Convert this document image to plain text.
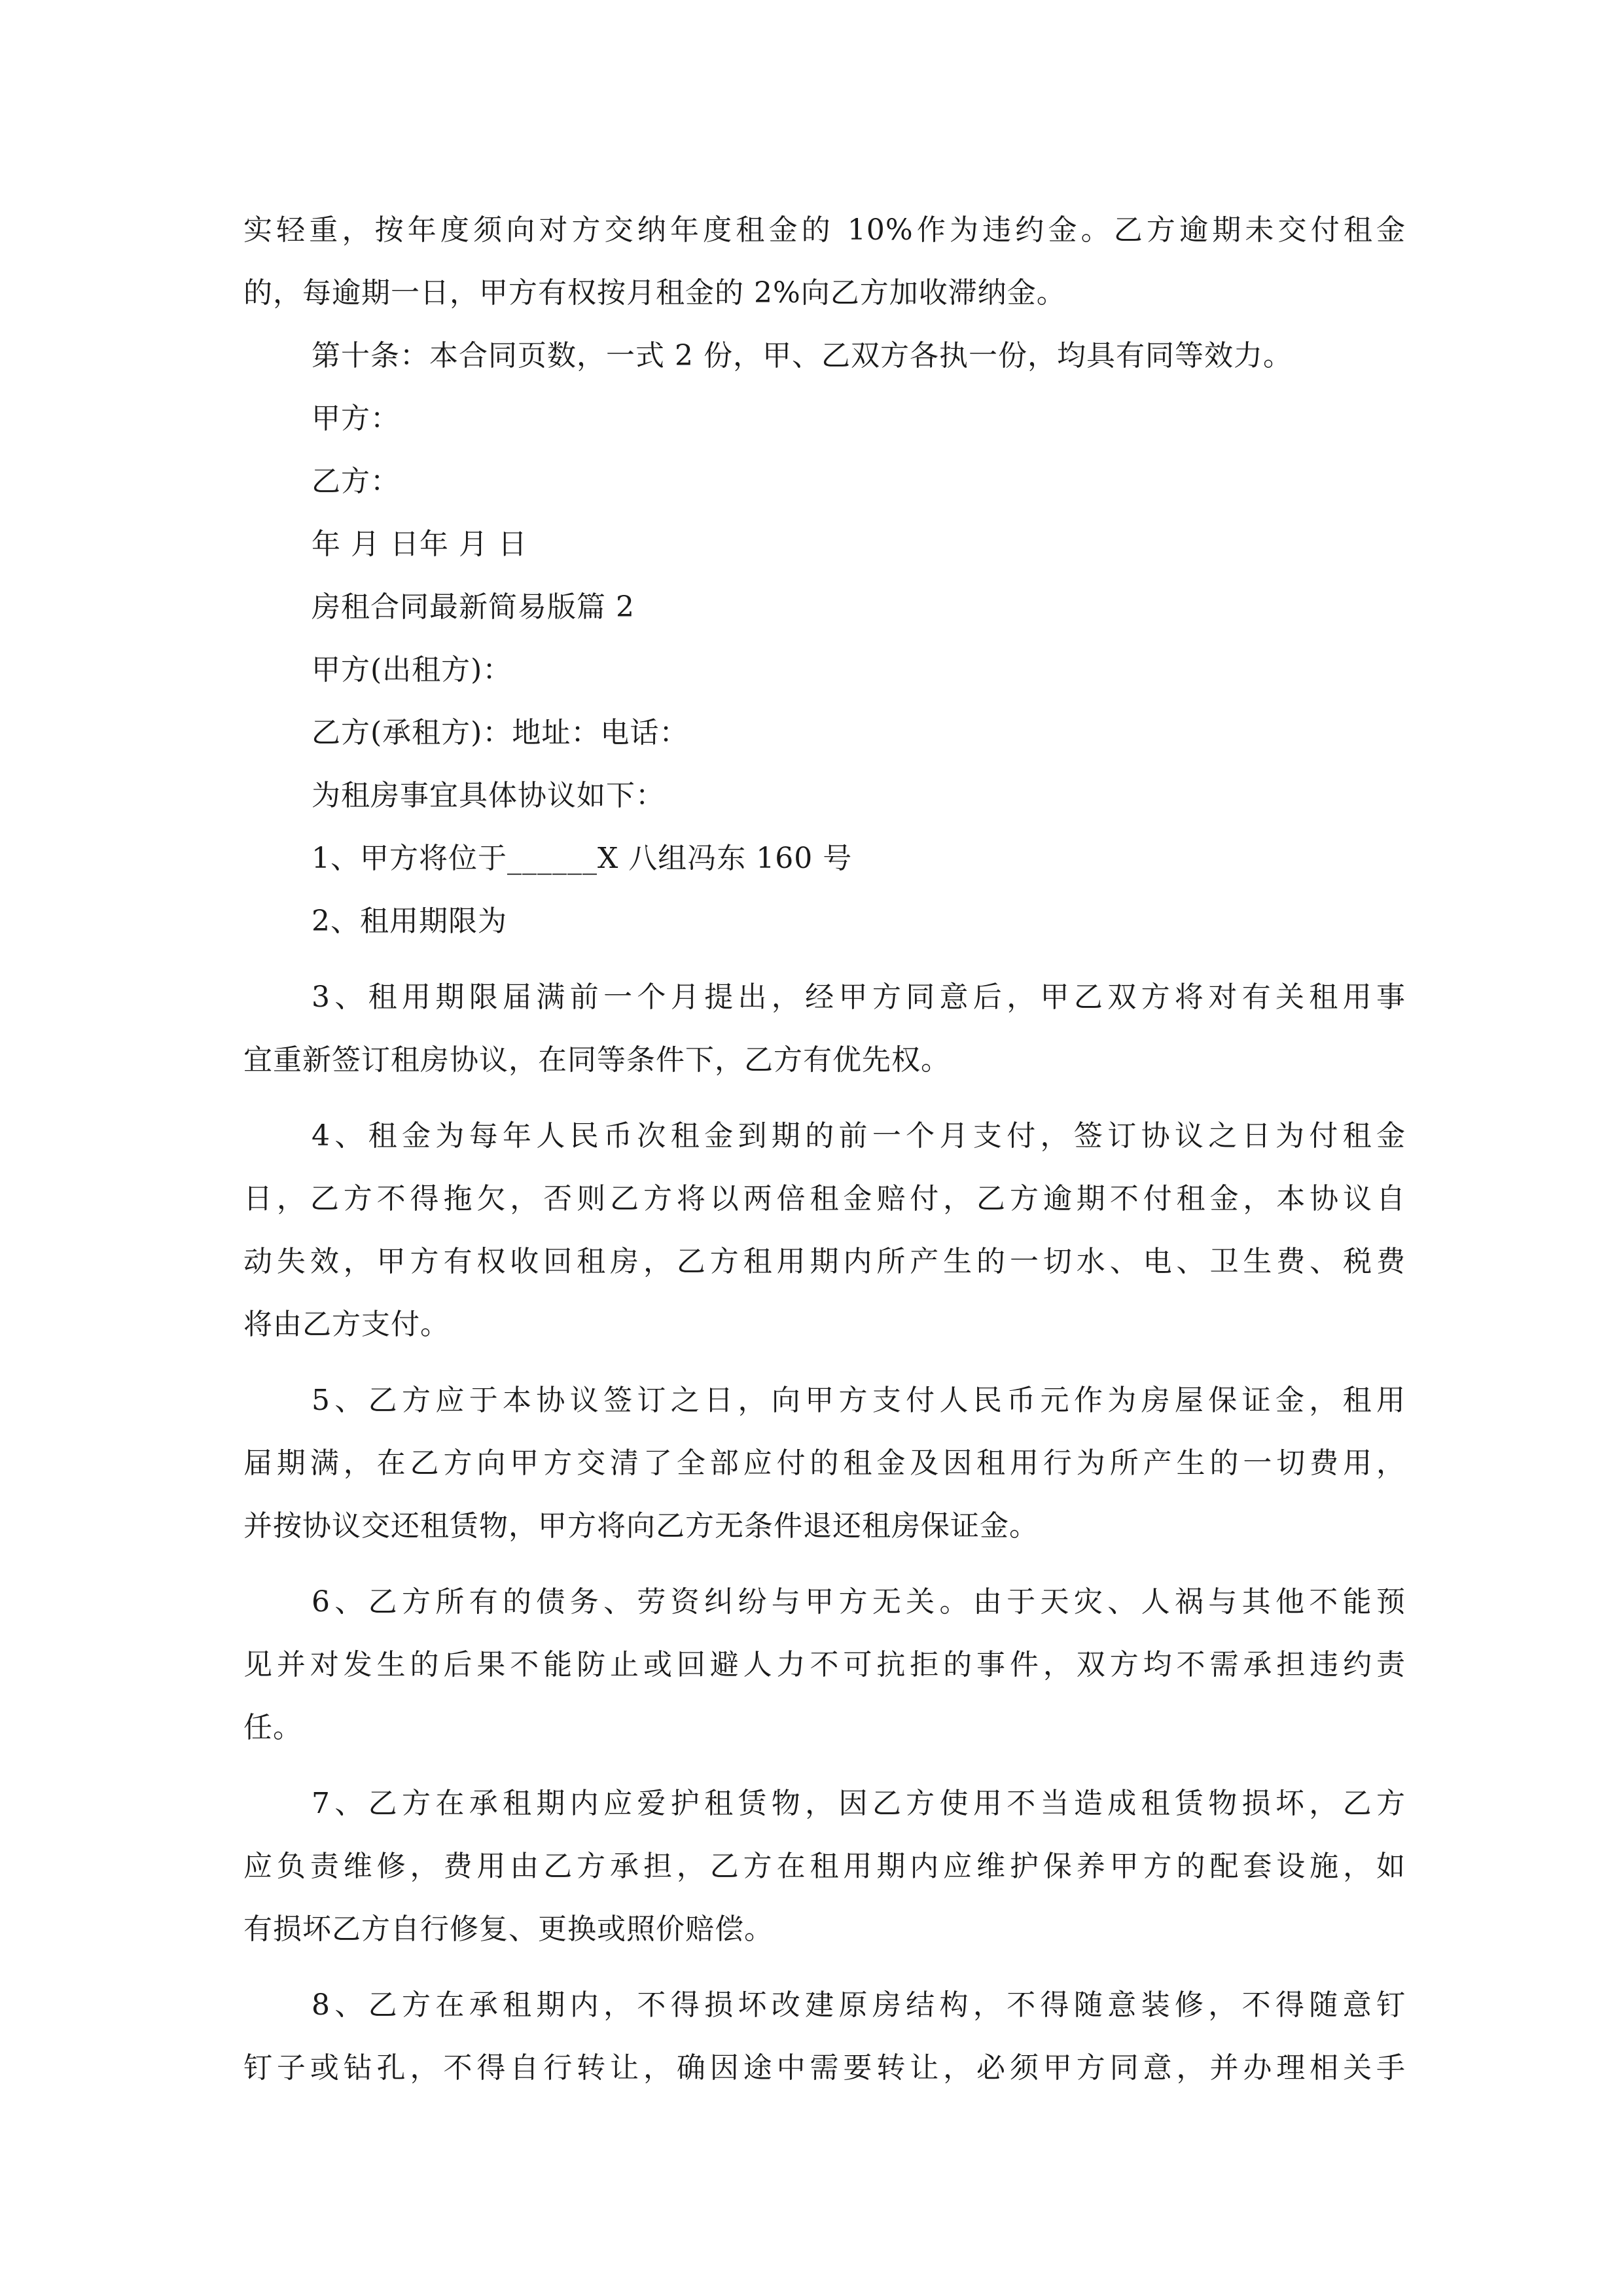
实轻重，按年度须向对方交纳年度租金的 10%作为违约金。乙方逾期未交付租金
的，每逾期一日，甲方有权按月租金的 2%向乙方加收滞纳金。
第十条：本合同页数，一式 2 份，甲、乙双方各执一份，均具有同等效力。
甲方：
乙方：
年 月 日年 月 日
房租合同最新简易版篇 2
甲方(出租方)：
乙方(承租方)：地址：电话：
为租房事宜具体协议如下：
1、甲方将位于______X 八组冯东 160 号
2、租用期限为
3、租用期限届满前一个月提出，经甲方同意后，甲乙双方将对有关租用事
宜重新签订租房协议，在同等条件下，乙方有优先权。
4、租金为每年人民币次租金到期的前一个月支付，签订协议之日为付租金
日，乙方不得拖欠，否则乙方将以两倍租金赔付，乙方逾期不付租金，本协议自
动失效，甲方有权收回租房，乙方租用期内所产生的一切水、电、卫生费、税费
将由乙方支付。
5、乙方应于本协议签订之日，向甲方支付人民币元作为房屋保证金，租用
届期满，在乙方向甲方交清了全部应付的租金及因租用行为所产生的一切费用，
并按协议交还租赁物，甲方将向乙方无条件退还租房保证金。
6、乙方所有的债务、劳资纠纷与甲方无关。由于天灾、人祸与其他不能预
见并对发生的后果不能防止或回避人力不可抗拒的事件，双方均不需承担违约责
任。
7、乙方在承租期内应爱护租赁物，因乙方使用不当造成租赁物损坏，乙方
应负责维修，费用由乙方承担，乙方在租用期内应维护保养甲方的配套设施，如
有损坏乙方自行修复、更换或照价赔偿。
8、乙方在承租期内，不得损坏改建原房结构，不得随意装修，不得随意钉
钉子或钻孔，不得自行转让，确因途中需要转让，必须甲方同意，并办理相关手
